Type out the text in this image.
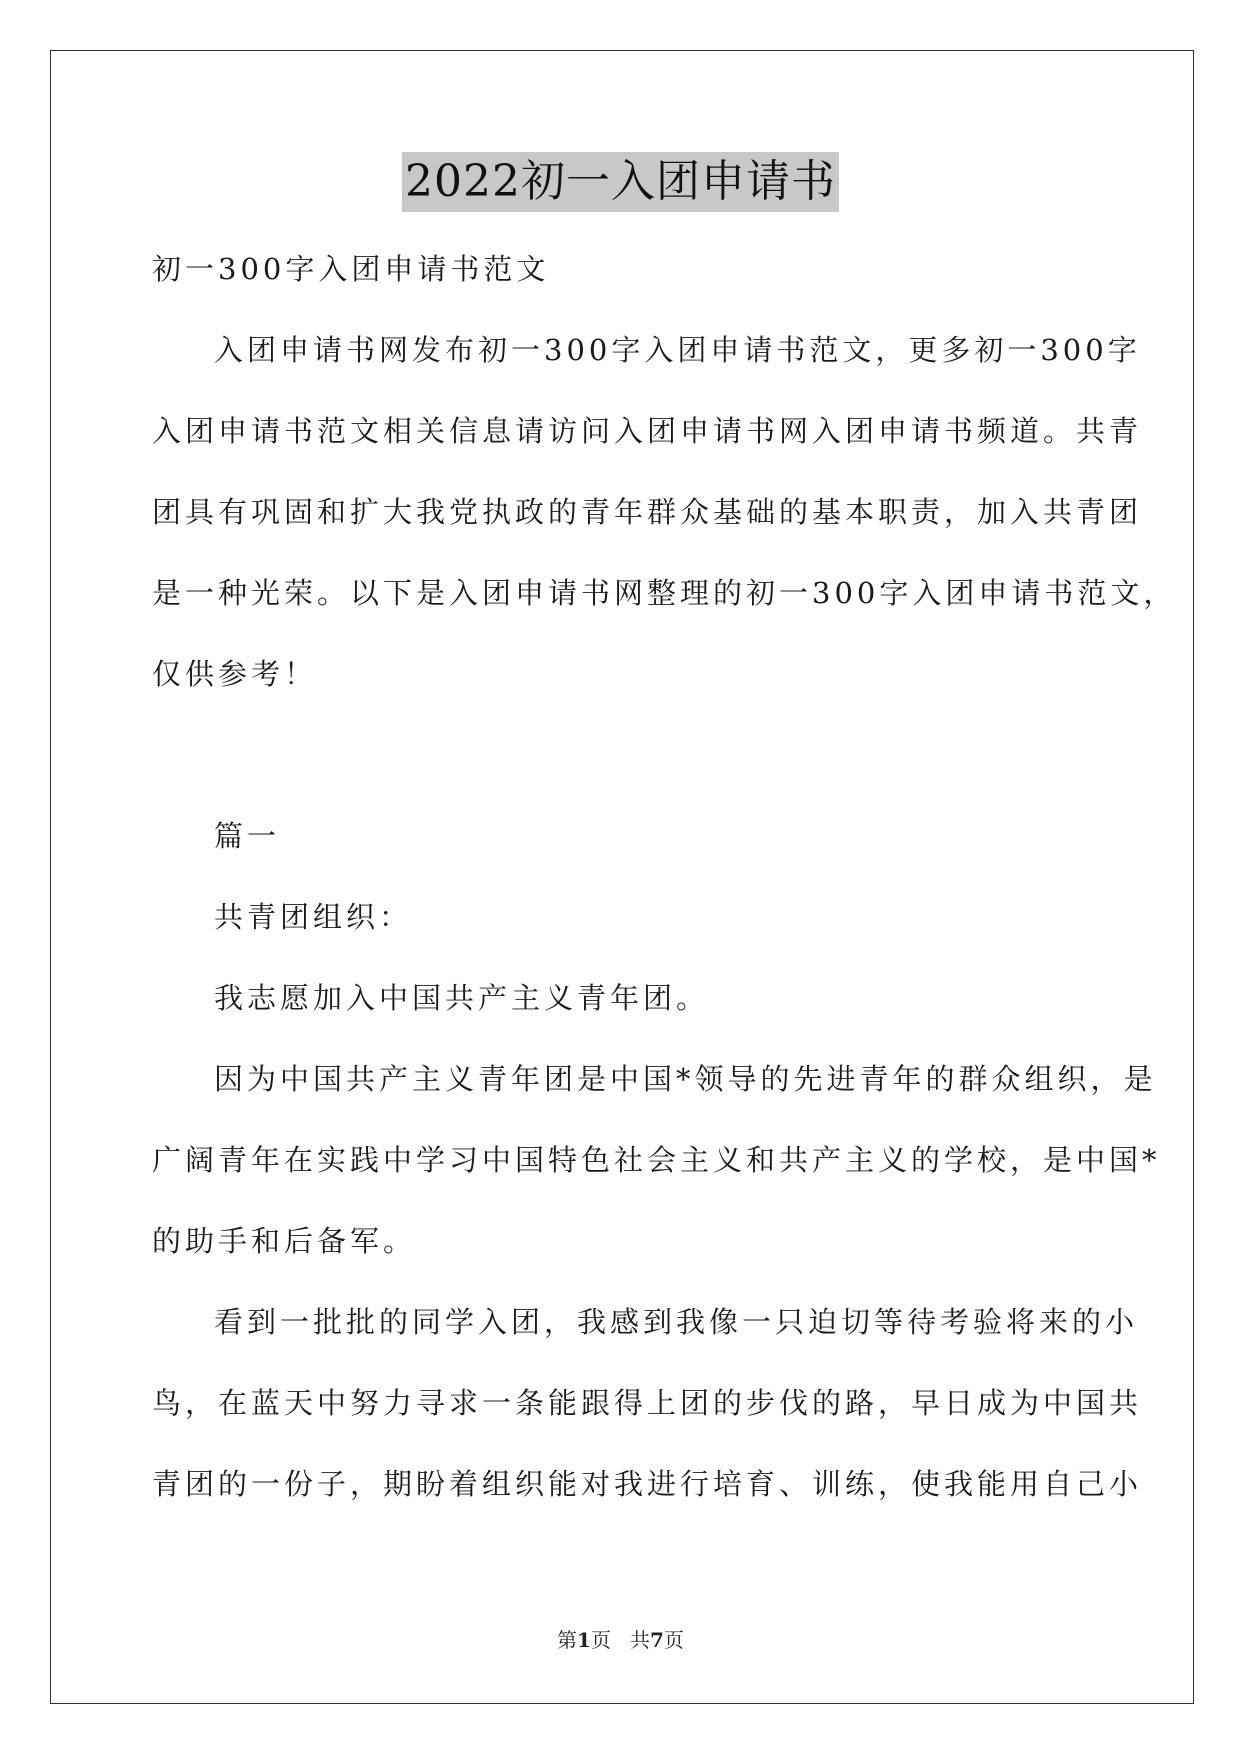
2022初一入团申请书
初一300字入团申请书范文
入团申请书网发布初一300字入团申请书范文，更多初一300字
入团申请书范文相关信息请访问入团申请书网入团申请书频道。共青
团具有巩固和扩大我党执政的青年群众基础的基本职责，加入共青团
是一种光荣。以下是入团申请书网整理的初一300字入团申请书范文，
仅供参考！
篇一
共青团组织：
我志愿加入中国共产主义青年团。
因为中国共产主义青年团是中国*领导的先进青年的群众组织，是
广阔青年在实践中学习中国特色社会主义和共产主义的学校，是中国*
的助手和后备军。
看到一批批的同学入团，我感到我像一只迫切等待考验将来的小
鸟，在蓝天中努力寻求一条能跟得上团的步伐的路，早日成为中国共
青团的一份子，期盼着组织能对我进行培育、训练，使我能用自己小
第1页 共7页
